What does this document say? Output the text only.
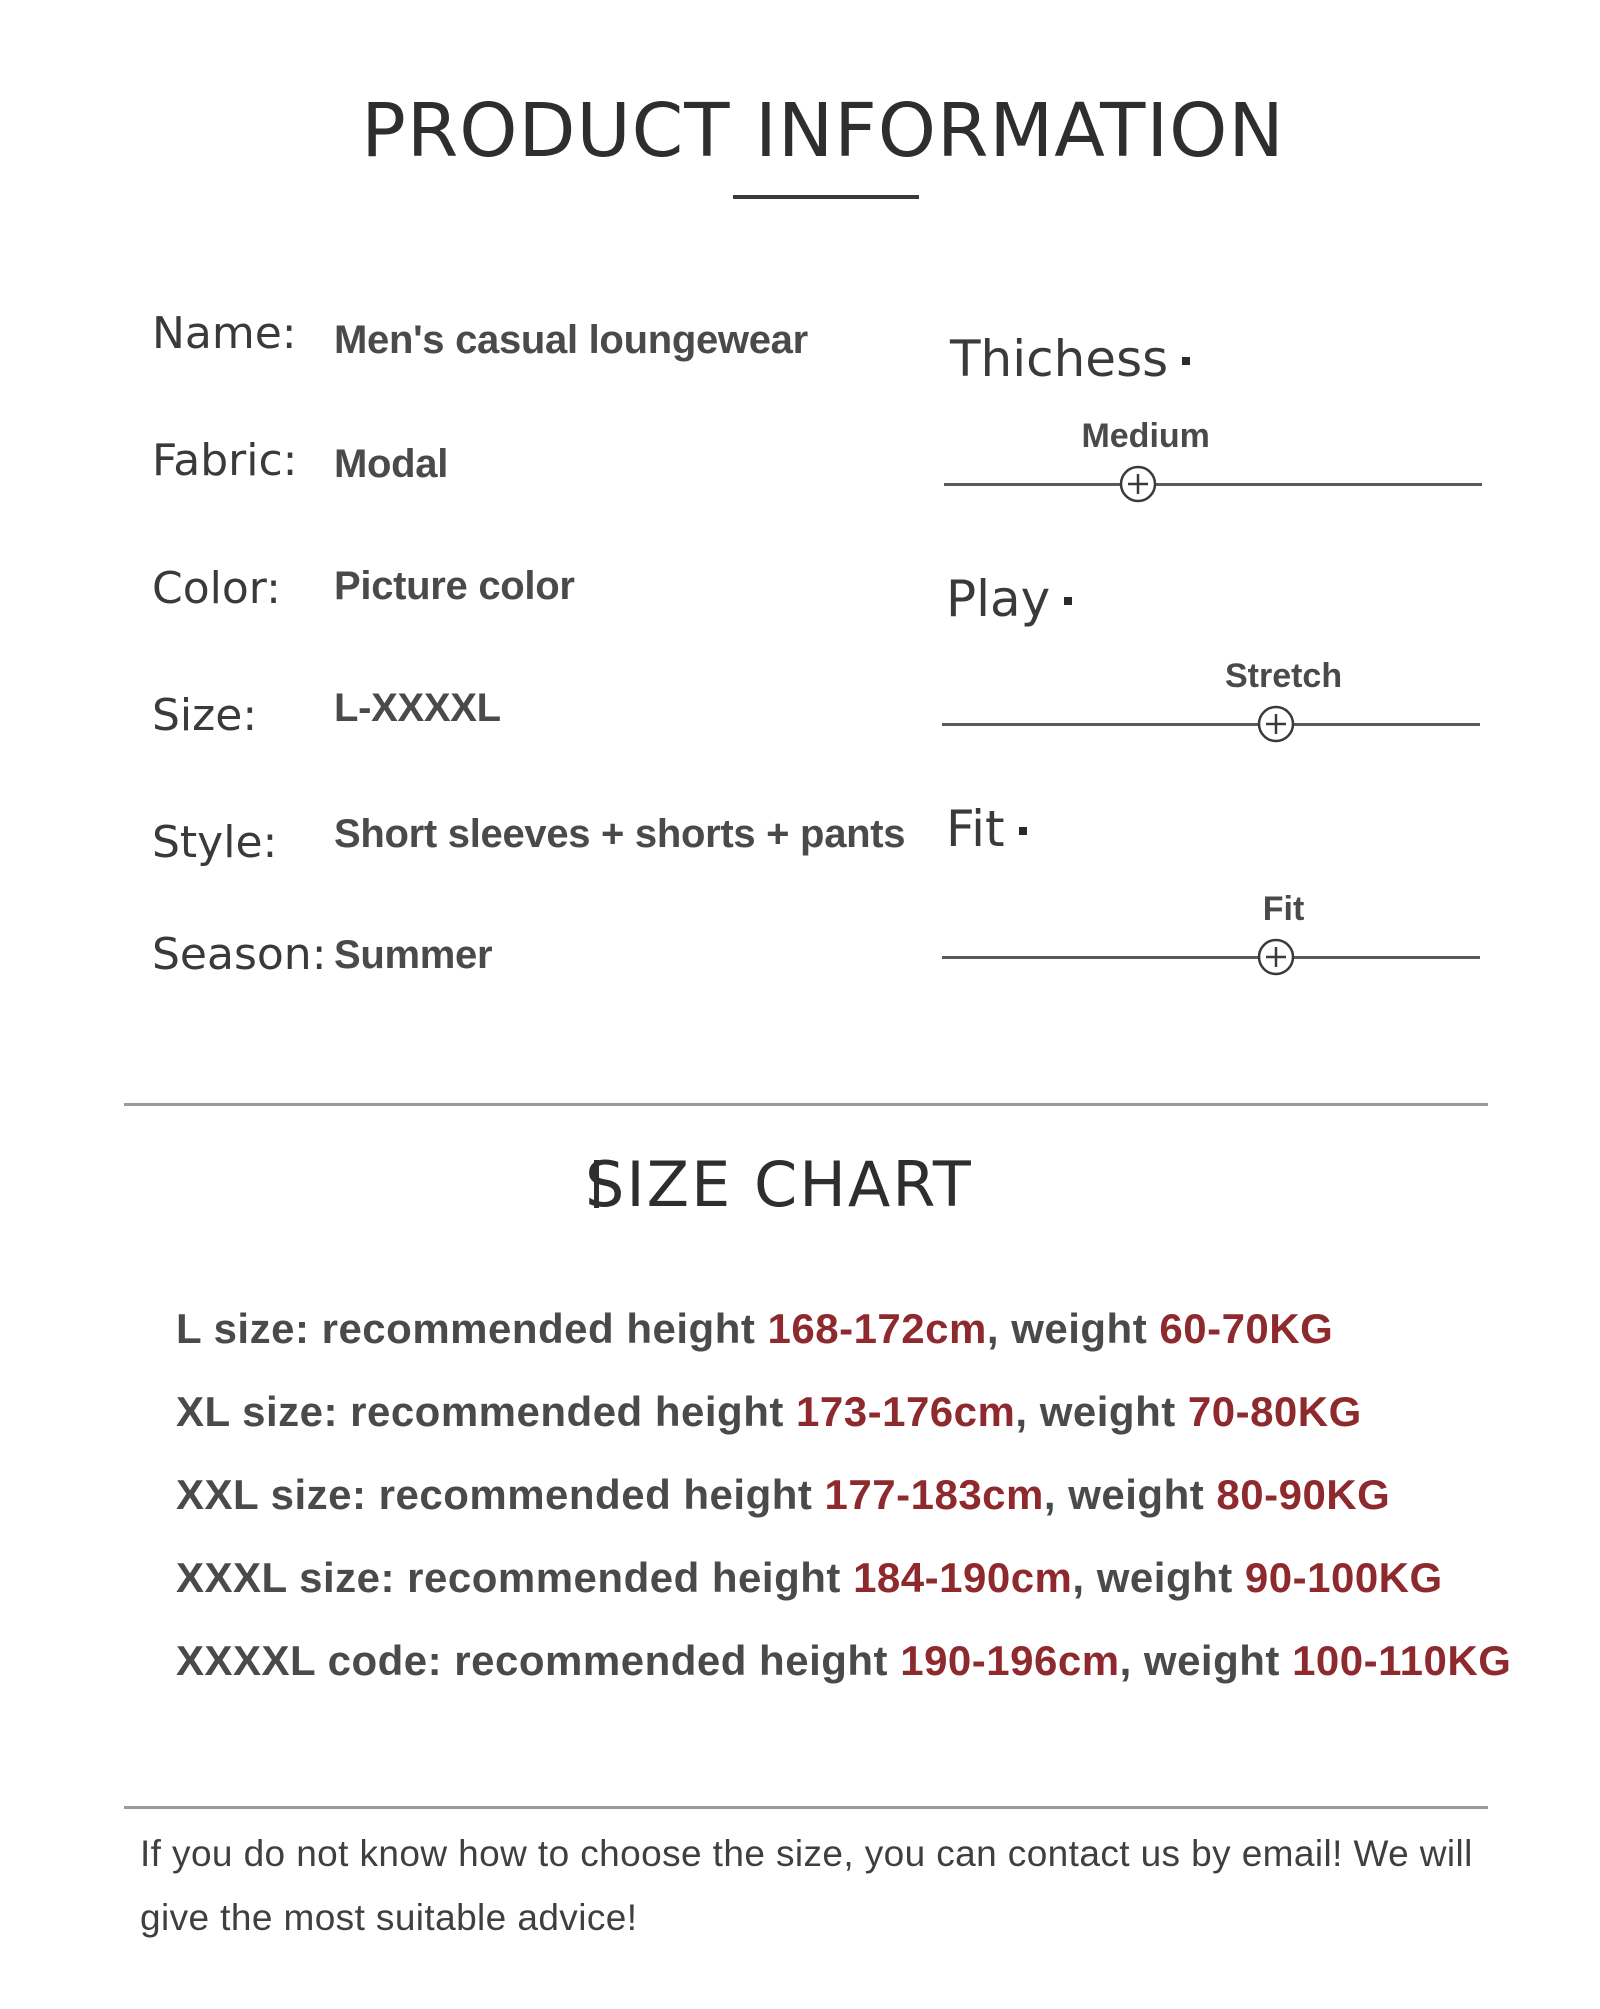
PRODUCT INFORMATION
Name: Men's casual loungewear
Fabric: Modal
Color: Picture color
Size: L-XXXXL
Style: Short sleeves + shorts + pants
Season: Summer
Thichess
Play
Fit
SIZE CHART
L size: recommended height 168-172cm, weight 60-70KG
XL size: recommended height 173-176cm, weight 70-80KG
XXL size: recommended height 177-183cm, weight 80-90KG
XXXL size: recommended height 184-190cm, weight 90-100KG
XXXXL code: recommended height 190-196cm, weight 100-110KG
If you do not know how to choose the size, you can contact us by email! We will give the most suitable advice!
Medium
Stretch
Fit
